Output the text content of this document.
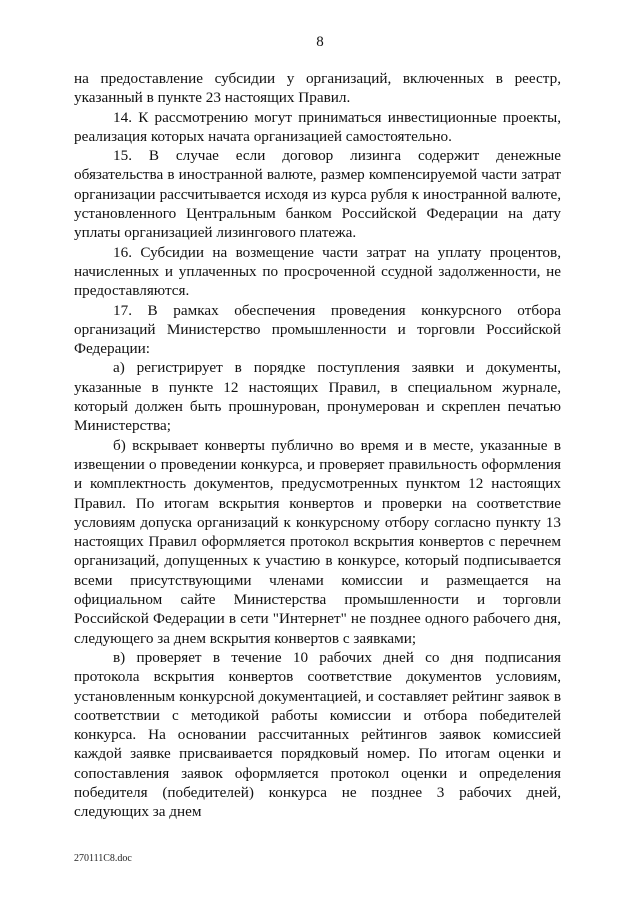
8

на предоставление субсидии у организаций, включенных в реестр, указанный в пункте 23 настоящих Правил.

14. К рассмотрению могут приниматься инвестиционные проекты, реализация которых начата организацией самостоятельно.

15. В случае если договор лизинга содержит денежные обязательства в иностранной валюте, размер компенсируемой части затрат организации рассчитывается исходя из курса рубля к иностранной валюте, установленного Центральным банком Российской Федерации на дату уплаты организацией лизингового платежа.

16. Субсидии на возмещение части затрат на уплату процентов, начисленных и уплаченных по просроченной ссудной задолженности, не предоставляются.

17. В рамках обеспечения проведения конкурсного отбора организаций Министерство промышленности и торговли Российской Федерации:

а) регистрирует в порядке поступления заявки и документы, указанные в пункте 12 настоящих Правил, в специальном журнале, который должен быть прошнурован, пронумерован и скреплен печатью Министерства;

б) вскрывает конверты публично во время и в месте, указанные в извещении о проведении конкурса, и проверяет правильность оформления и комплектность документов, предусмотренных пунктом 12 настоящих Правил. По итогам вскрытия конвертов и проверки на соответствие условиям допуска организаций к конкурсному отбору согласно пункту 13 настоящих Правил оформляется протокол вскрытия конвертов с перечнем организаций, допущенных к участию в конкурсе, который подписывается всеми присутствующими членами комиссии и размещается на официальном сайте Министерства промышленности и торговли Российской Федерации в сети "Интернет" не позднее одного рабочего дня, следующего за днем вскрытия конвертов с заявками;

в) проверяет в течение 10 рабочих дней со дня подписания протокола вскрытия конвертов соответствие документов условиям, установленным конкурсной документацией, и составляет рейтинг заявок в соответствии с методикой работы комиссии и отбора победителей конкурса. На основании рассчитанных рейтингов заявок комиссией каждой заявке присваивается порядковый номер. По итогам оценки и сопоставления заявок оформляется протокол оценки и определения победителя (победителей) конкурса не позднее 3 рабочих дней, следующих за днем

270111C8.doc
